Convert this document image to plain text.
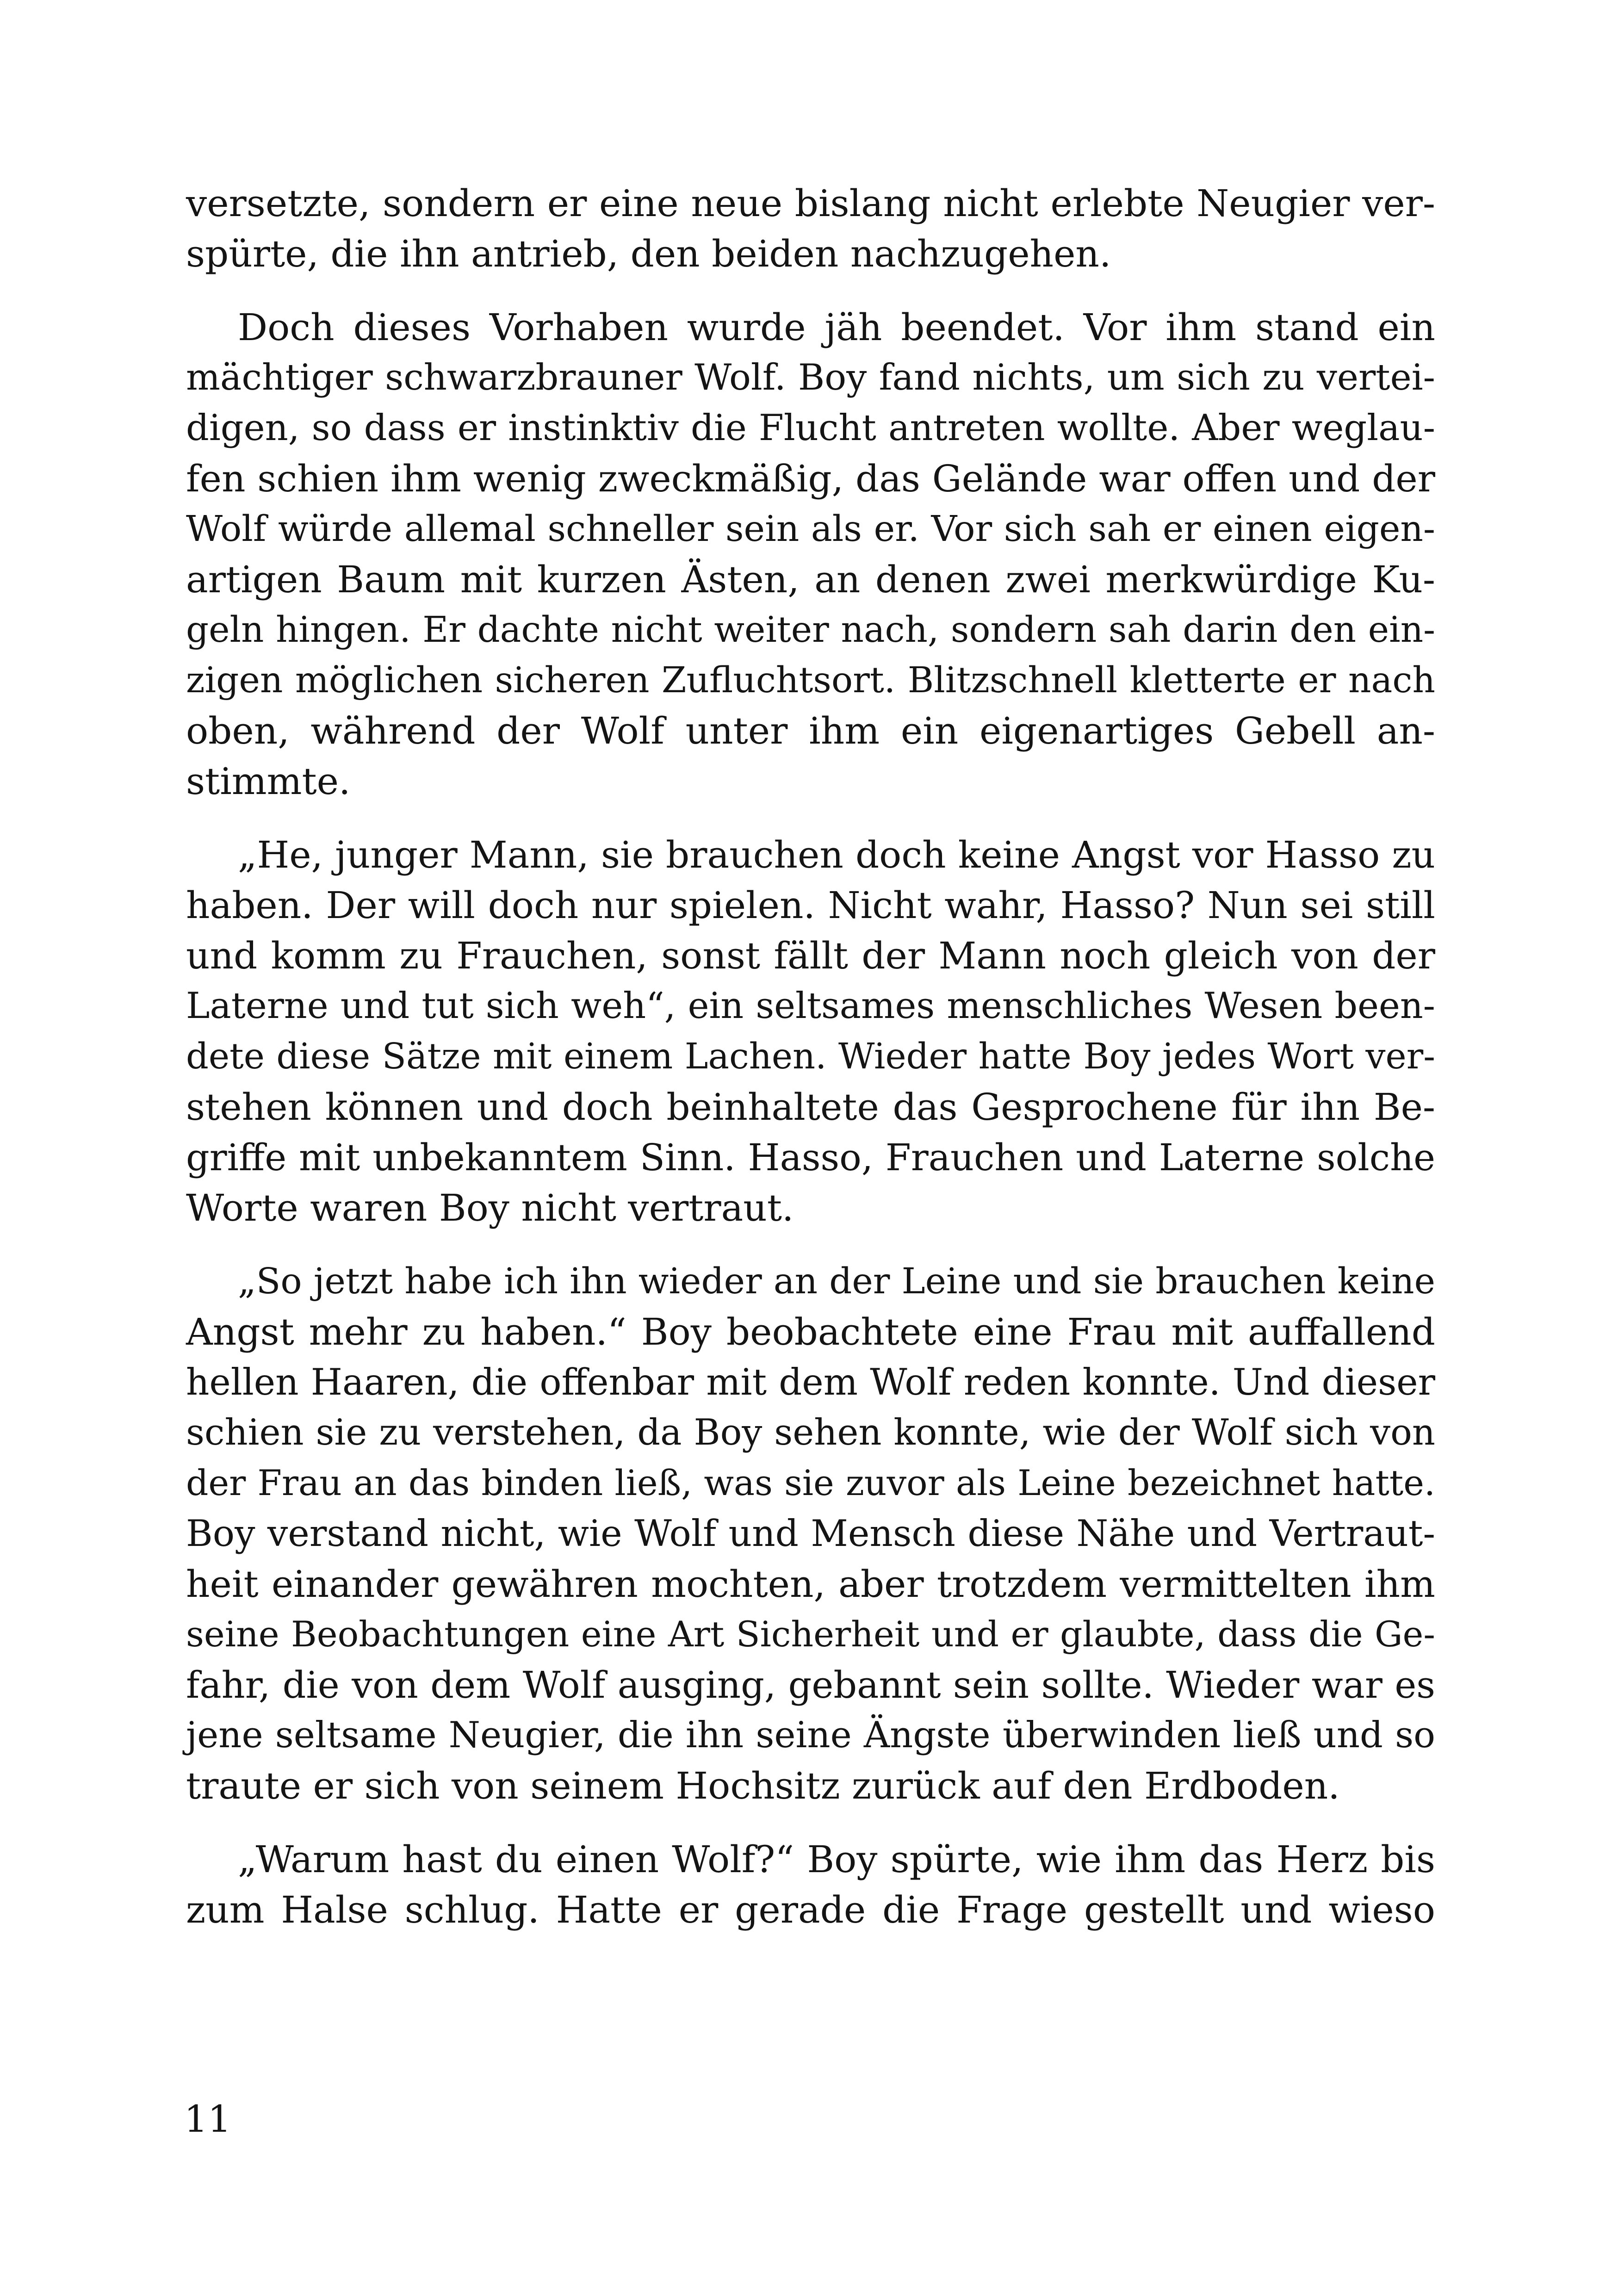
versetzte, sondern er eine neue bislang nicht erlebte Neugier ver-
spürte, die ihn antrieb, den beiden nachzugehen.
Doch dieses Vorhaben wurde jäh beendet. Vor ihm stand ein
mächtiger schwarzbrauner Wolf. Boy fand nichts, um sich zu vertei-
digen, so dass er instinktiv die Flucht antreten wollte. Aber weglau-
fen schien ihm wenig zweckmäßig, das Gelände war offen und der
Wolf würde allemal schneller sein als er. Vor sich sah er einen eigen-
artigen Baum mit kurzen Ästen, an denen zwei merkwürdige Ku-
geln hingen. Er dachte nicht weiter nach, sondern sah darin den ein-
zigen möglichen sicheren Zufluchtsort. Blitzschnell kletterte er nach
oben, während der Wolf unter ihm ein eigenartiges Gebell an-
stimmte.
„He, junger Mann, sie brauchen doch keine Angst vor Hasso zu
haben. Der will doch nur spielen. Nicht wahr, Hasso? Nun sei still
und komm zu Frauchen, sonst fällt der Mann noch gleich von der
Laterne und tut sich weh“, ein seltsames menschliches Wesen been-
dete diese Sätze mit einem Lachen. Wieder hatte Boy jedes Wort ver-
stehen können und doch beinhaltete das Gesprochene für ihn Be-
griffe mit unbekanntem Sinn. Hasso, Frauchen und Laterne solche
Worte waren Boy nicht vertraut.
„So jetzt habe ich ihn wieder an der Leine und sie brauchen keine
Angst mehr zu haben.“ Boy beobachtete eine Frau mit auffallend
hellen Haaren, die offenbar mit dem Wolf reden konnte. Und dieser
schien sie zu verstehen, da Boy sehen konnte, wie der Wolf sich von
der Frau an das binden ließ, was sie zuvor als Leine bezeichnet hatte.
Boy verstand nicht, wie Wolf und Mensch diese Nähe und Vertraut-
heit einander gewähren mochten, aber trotzdem vermittelten ihm
seine Beobachtungen eine Art Sicherheit und er glaubte, dass die Ge-
fahr, die von dem Wolf ausging, gebannt sein sollte. Wieder war es
jene seltsame Neugier, die ihn seine Ängste überwinden ließ und so
traute er sich von seinem Hochsitz zurück auf den Erdboden.
„Warum hast du einen Wolf?“ Boy spürte, wie ihm das Herz bis
zum Halse schlug. Hatte er gerade die Frage gestellt und wieso

11
